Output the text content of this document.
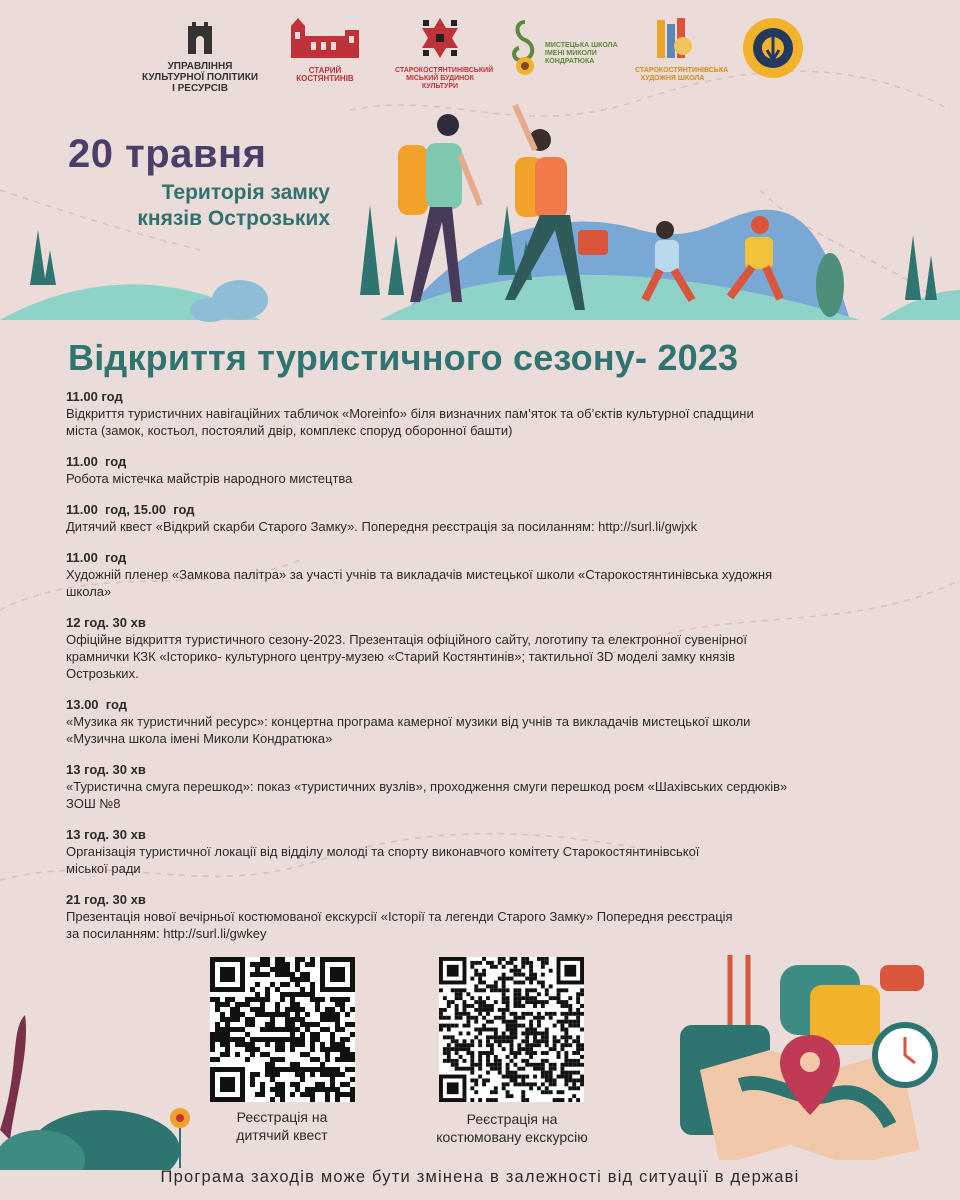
УПРАВЛІННЯ
КУЛЬТУРНОЇ ПОЛІТИКИ І РЕСУРСІВ
СТАРИЙ КОСТЯНТИНІВ
СТАРОКОСТЯНТИНІВСЬКИЙ
МІСЬКИЙ БУДИНОК КУЛЬТУРИ
МИСТЕЦЬКА ШКОЛА
ІМЕНІ МИКОЛИ КОНДРАТЮКА
СТАРОКОСТЯНТИНІВСЬКА
ХУДОЖНЯ ШКОЛА
20 травня
Територія замку
князів Острозьких
Відкриття туристичного сезону- 2023
11.00 год
Відкриття туристичних навігаційних табличок «Moreinfo» біля визначних пам’яток та об’єктів культурної спадщини
міста (замок, костьол, постоялий двір, комплекс споруд оборонної башти)
11.00  год
Робота містечка майстрів народного мистецтва
11.00  год, 15.00  год
Дитячий квест «Відкрий скарби Старого Замку». Попередня реєстрація за посиланням: http://surl.li/gwjxk
11.00  год
Художній пленер «Замкова палітра» за участі учнів та викладачів мистецької школи «Старокостянтинівська художня
школа»
12 год. 30 хв
Офіційне відкриття туристичного сезону-2023. Презентація офіційного сайту, логотипу та електронної сувенірної
крамнички КЗК «Історико- культурного центру-музею «Старий Костянтинів»; тактильної 3D моделі замку князів
Острозьких.
13.00  год
«Музика як туристичний ресурс»: концертна програма камерної музики від учнів та викладачів мистецької школи
«Музична школа імені Миколи Кондратюка»
13 год. 30 хв
«Туристична смуга перешкод»: показ «туристичних вузлів», проходження смуги перешкод роєм «Шахівських сердюків»
ЗОШ №8
13 год. 30 хв
Організація туристичної локації від відділу молоді та спорту виконавчого комітету Старокостянтинівської
міської ради
21 год. 30 хв
Презентація нової вечірньої костюмованої екскурсії «Історії та легенди Старого Замку» Попередня реєстрація
за посиланням: http://surl.li/gwkey
Реєстрація на
дитячий квест
Реєстрація на
костюмовану екскурсію
Програма заходів може бути змінена в залежності від ситуації в державі
